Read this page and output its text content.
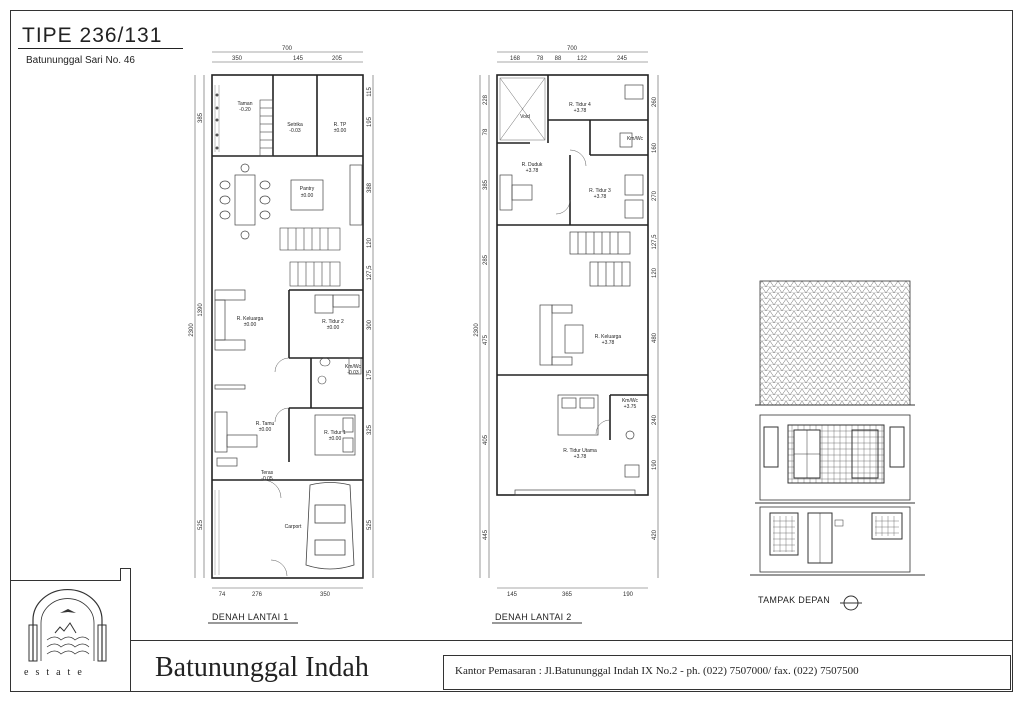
TIPE 236/131
Batununggal Sari No. 46
700
350	145	205
74	276	350
2300
385
1390
525
115
195
388
120
127,5
300
175
325
525
Taman
-0.20
Setrika
-0.03
R. TP
±0.00
Pantry
±0.00
R. Keluarga
±0.00	R. Tidur 2
±0.00
Km/Wc
-0.03
R. Tamu
±0.00	R. Tidur 1
±0.00
Teras
-0.05
Carport
DENAH LANTAI 1
700
168	78 88	122	245
145	365	190
2300
228
78
385
285
475
405
445
260
160
270
127,5
120
480
240
190
420
Void
R. Tidur 4
+3.78
Km/Wc
R. Duduk
+3.78
R. Tidur 3
+3.78
R. Keluarga
+3.78
Km/Wc
+3.75
R. Tidur Utama
+3.78
DENAH LANTAI 2
TAMPAK DEPAN
estate Batununggal Indah	Kantor Pemasaran : Jl.Batununggal Indah IX No.2 - ph. (022) 7507000/ fax. (022) 7507500
